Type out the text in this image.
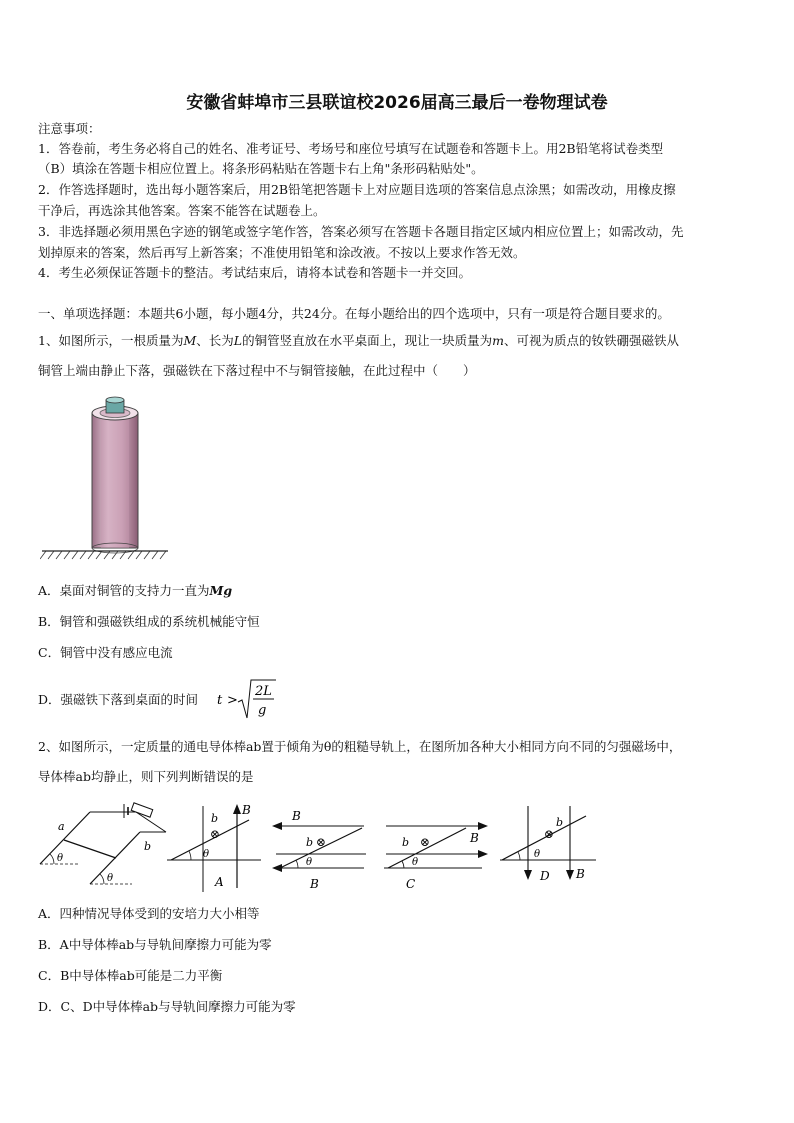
安徽省蚌埠市三县联谊校2026届高三最后一卷物理试卷
注意事项：
1．答卷前，考生务必将自己的姓名、准考证号、考场号和座位号填写在试题卷和答题卡上。用2B铅笔将试卷类型
（B）填涂在答题卡相应位置上。将条形码粘贴在答题卡右上角"条形码粘贴处"。
2．作答选择题时，选出每小题答案后，用2B铅笔把答题卡上对应题目选项的答案信息点涂黑；如需改动，用橡皮擦
干净后，再选涂其他答案。答案不能答在试题卷上。
3．非选择题必须用黑色字迹的钢笔或签字笔作答，答案必须写在答题卡各题目指定区域内相应位置上；如需改动，先
划掉原来的答案，然后再写上新答案；不准使用铅笔和涂改液。不按以上要求作答无效。
4．考生必须保证答题卡的整洁。考试结束后，请将本试卷和答题卡一并交回。
一、单项选择题：本题共6小题，每小题4分，共24分。在每小题给出的四个选项中，只有一项是符合题目要求的。
1、如图所示，一根质量为M、长为L的铜管竖直放在水平桌面上，现让一块质量为m、可视为质点的钕铁硼强磁铁从
铜管上端由静止下落，强磁铁在下落过程中不与铜管接触，在此过程中（　　）
A．桌面对铜管的支持力一直为Mg
B．铜管和强磁铁组成的系统机械能守恒
C．铜管中没有感应电流
D．强磁铁下落到桌面的时间 t >
2L
g
2、如图所示，一定质量的通电导体棒ab置于倾角为θ的粗糙导轨上，在图所加各种大小相同方向不同的匀强磁场中，
导体棒ab均静止，则下列判断错误的是
a
b
θ
θ
b
⊗
B
θ
A
B
b ⊗
θ
B
b ⊗	B
θ
C
b
⊗
θ
D B
A．四种情况导体受到的安培力大小相等
B．A中导体棒ab与导轨间摩擦力可能为零
C．B中导体棒ab可能是二力平衡
D．C、D中导体棒ab与导轨间摩擦力可能为零
